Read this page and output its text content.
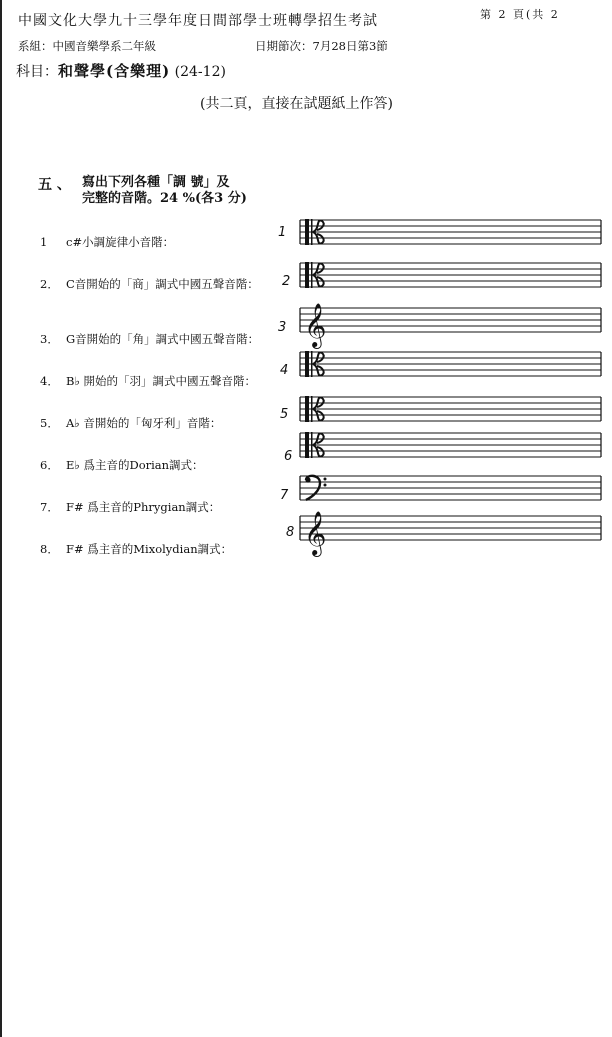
中國文化大學九十三學年度日間部學士班轉學招生考試	第 2 頁(共 2
系組：中國音樂學系二年級	日期節次：7月28日第3節
科目：和聲學(含樂理) (24-12)
(共二頁，直接在試題紙上作答)
五 、 寫出下列各種「調 號」及
完整的音階。24 %(各3 分)
1 c#小調旋律小音階：
2． C音開始的「商」調式中國五聲音階：
3． G音開始的「角」調式中國五聲音階：
4． B♭ 開始的「羽」調式中國五聲音階：
5． A♭ 音開始的「匈牙利」音階：
6． E♭ 爲主音的Dorian調式：
7． F# 爲主音的Phrygian調式：
8． F# 爲主音的Mixolydian調式：
1
2
𝄞
3
4
5
6
7
𝄞
8
